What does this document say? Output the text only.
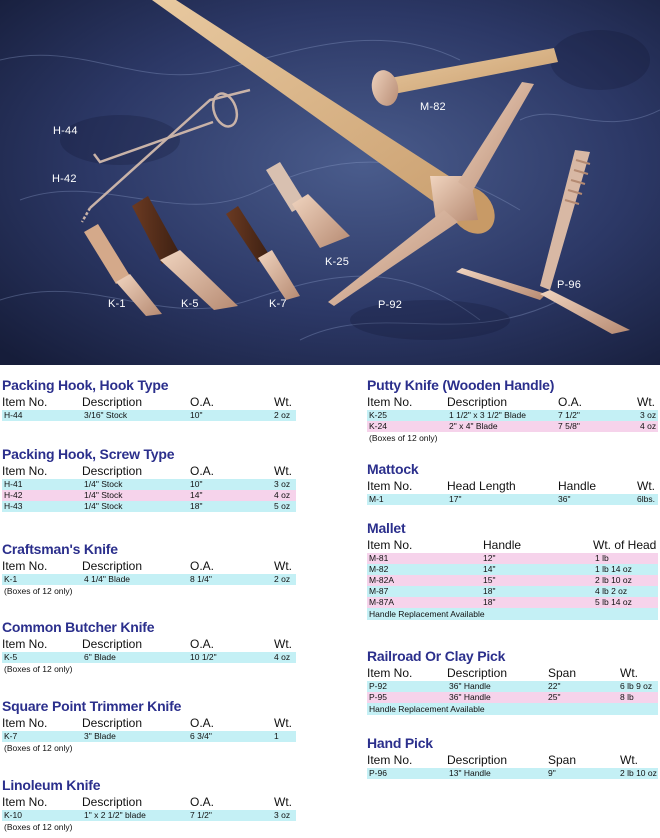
H-44
H-42
K-1	K-5	K-7
K-25
M-82
P-92
P-96
Packing Hook, Hook Type
Item No.	Description	O.A.	Wt.
H-44	3/16" Stock	10"	2 oz
Packing Hook, Screw Type
Item No.	Description	O.A.	Wt.
H-41	1/4" Stock	10"	3 oz
H-42	1/4" Stock	14"	4 oz
H-43	1/4" Stock	18"	5 oz
Craftsman's Knife
Item No.	Description	O.A.	Wt.
K-1	4 1/4" Blade	8 1/4"	2 oz
(Boxes of 12 only)
Common Butcher Knife
Item No.	Description	O.A.	Wt.
K-5	6" Blade	10 1/2"	4 oz
(Boxes of 12 only)
Square Point Trimmer Knife
Item No.	Description	O.A.	Wt.
K-7	3" Blade	6 3/4"	1
(Boxes of 12 only)
Linoleum Knife
Item No.	Description	O.A.	Wt.
K-10	1" x 2 1/2" blade	7 1/2"	3 oz
(Boxes of 12 only)
Putty Knife (Wooden Handle)
Item No.	Description	O.A.	Wt.
K-25	1 1/2" x 3 1/2" Blade	7 1/2"	3 oz
K-24	2" x 4" Blade	7 5/8"	4 oz
(Boxes of 12 only)
Mattock
Item No.	Head Length	Handle	Wt.
M-1	17"	36"	6lbs.
Mallet
Item No.	Handle	Wt. of Head
M-81	12"	1 lb
M-82	14"	1 lb 14 oz
M-82A	15"	2 lb 10 oz
M-87	18"	4 lb 2 oz
M-87A	18"	5 lb 14 oz
Handle Replacement Available
Railroad Or Clay Pick
Item No.	Description	Span	Wt.
P-92	36" Handle	22"	6 lb 9 oz
P-95	36" Handle	25"	8 lb
Handle Replacement Available
Hand Pick
Item No.	Description	Span	Wt.
P-96	13" Handle	9"	2 lb 10 oz
